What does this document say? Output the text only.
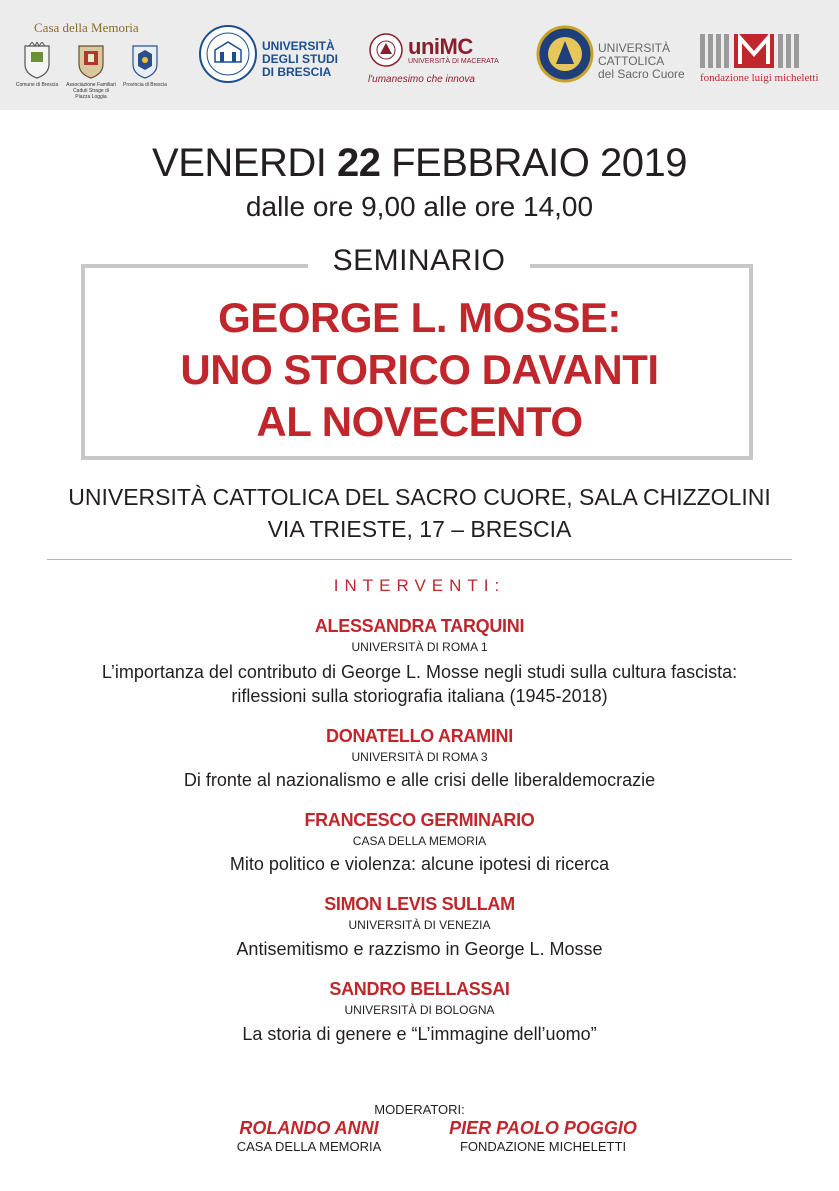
Casa della Memoria
Comune di Brescia	Associazione Familiari Caduti Strage di Piazza Loggia
Provincia di Brescia
UNIVERSITÀ
DEGLI STUDI
DI BRESCIA
uniMC
UNIVERSITÀ DI MACERATA
l'umanesimo che innova
UNIVERSITÀ
CATTOLICA
del Sacro Cuore fondazione luigi micheletti
VENERDI 22 FEBBRAIO 2019
dalle ore 9,00 alle ore 14,00
SEMINARIO
GEORGE L. MOSSE:
UNO STORICO DAVANTI
AL NOVECENTO
UNIVERSITÀ CATTOLICA DEL SACRO CUORE, SALA CHIZZOLINI
VIA TRIESTE, 17 – BRESCIA
INTERVENTI:
ALESSANDRA TARQUINI
UNIVERSITÀ DI ROMA 1
L’importanza del contributo di George L. Mosse negli studi sulla cultura fascista:
riflessioni sulla storiografia italiana (1945-2018)
DONATELLO ARAMINI
UNIVERSITÀ DI ROMA 3
Di fronte al nazionalismo e alle crisi delle liberaldemocrazie
FRANCESCO GERMINARIO
CASA DELLA MEMORIA
Mito politico e violenza: alcune ipotesi di ricerca
SIMON LEVIS SULLAM
UNIVERSITÀ DI VENEZIA
Antisemitismo e razzismo in George L. Mosse
SANDRO BELLASSAI
UNIVERSITÀ DI BOLOGNA
La storia di genere e “L’immagine dell’uomo”
MODERATORI:
ROLANDO ANNI
CASA DELLA MEMORIA
PIER PAOLO POGGIO
FONDAZIONE MICHELETTI
